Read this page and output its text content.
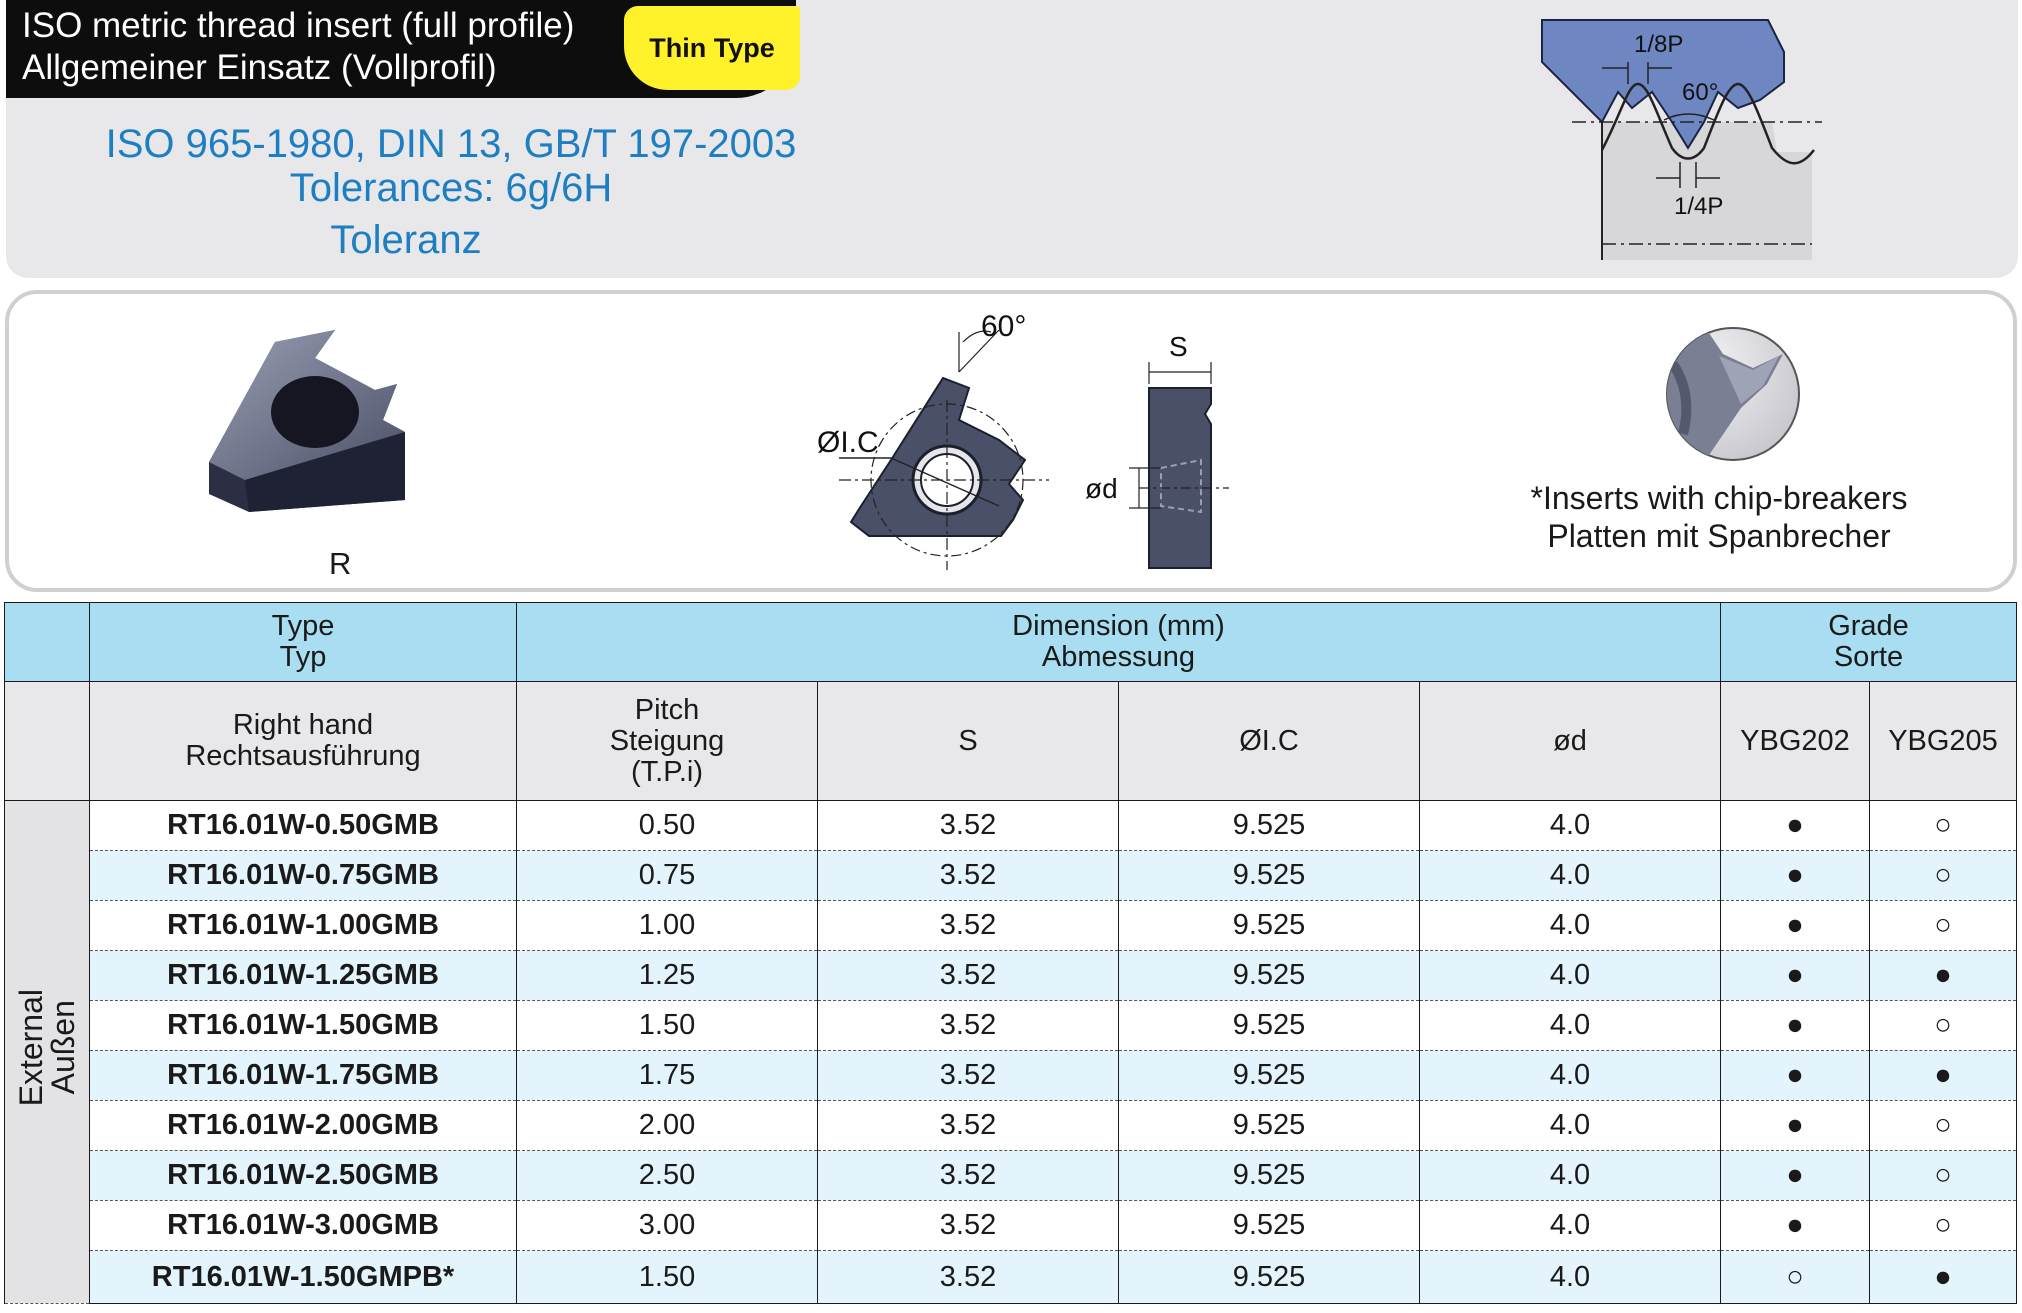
ISO metric thread insert (full profile)
Allgemeiner Einsatz (Vollprofil)
Thin Type
ISO 965-1980, DIN 13, GB/T 197-2003
Tolerances: 6g/6H
Toleranz
1/8P
60°
1/4P
R
ØI.C
60°
S
ød	*Inserts with chip-breakers
Platten mit Spanbrecher
	Type
Typ	Dimension (mm)
Abmessung				Grade
Sorte	
	Right hand
Rechtsausführung	Pitch
Steigung
(T.P.i)	S	ØI.C	ød	YBG202	YBG205
External
Außen	RT16.01W-0.50GMB	0.50	3.52	9.525	4.0	●	○
	RT16.01W-0.75GMB	0.75	3.52	9.525	4.0	●	○
	RT16.01W-1.00GMB	1.00	3.52	9.525	4.0	●	○
	RT16.01W-1.25GMB	1.25	3.52	9.525	4.0	●	●
	RT16.01W-1.50GMB	1.50	3.52	9.525	4.0	●	○
	RT16.01W-1.75GMB	1.75	3.52	9.525	4.0	●	●
	RT16.01W-2.00GMB	2.00	3.52	9.525	4.0	●	○
	RT16.01W-2.50GMB	2.50	3.52	9.525	4.0	●	○
	RT16.01W-3.00GMB	3.00	3.52	9.525	4.0	●	○
	RT16.01W-1.50GMPB*	1.50	3.52	9.525	4.0	○	●
